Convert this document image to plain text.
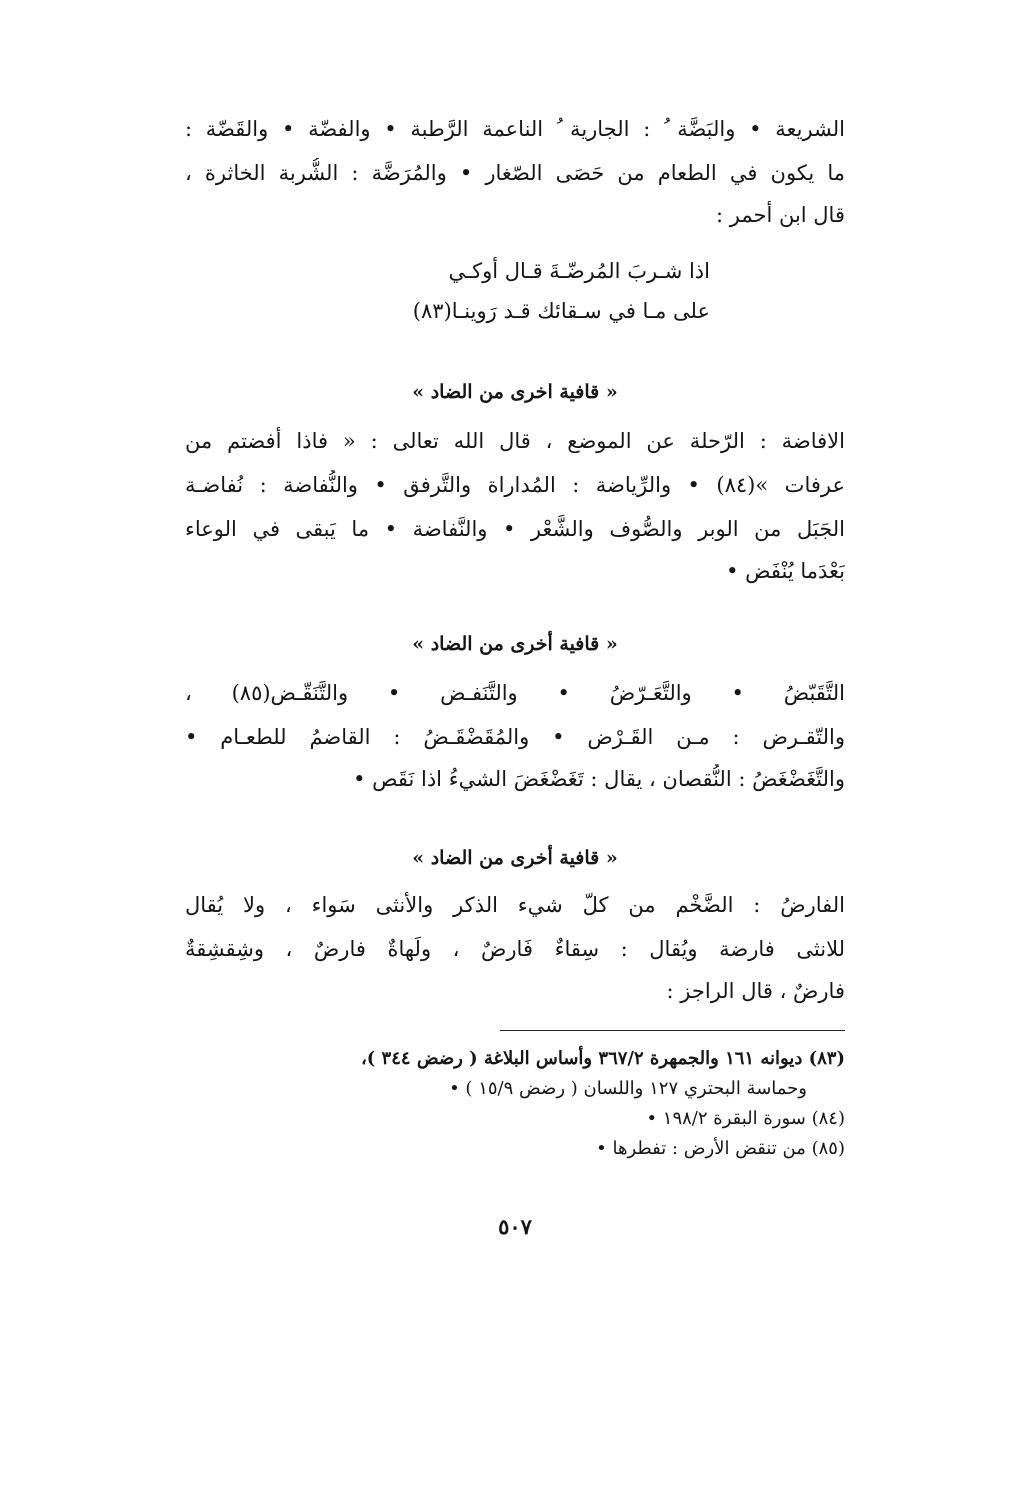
الشريعة • والبَضَّة ُ : الجارية ُ الناعمة الرَّطبة • والفضّة • والقَضّة :
ما يكون في الطعام من حَصَى الصّغار • والمُرَضَّة : الشُّربة الخاثرة ،
قال ابن أحمر :
اذا شـربَ المُرضّـةَ قـال أوكـي
على مـا في سـقائك قـد رَوينـا(٨٣)
« قافية اخرى من الضاد »
الافاضة : الرّحلة عن الموضع ، قال الله تعالى : « فاذا أفضتم من
عرفات »(٨٤) • والرِّياضة : المُداراة والتَّرفق • والنُّفاضة : نُفاضـة
الجَبَل من الوبر والصُّوف والشَّعْر • والنَّفاضة • ما يَبقى في الوعاء
بَعْدَما يُنْفَض •
« قافية أخرى من الضاد »
التَّقَبّضُ • والتَّعَـرّضُ • والتَّنَفـض • والتَّنَقّـض(٨٥) ،
والتّقـرض : مـن القَـرْض • والمُقَضْقَـضُ : القاضمُ للطعـام •
والتَّغَضْغَضُ : النُّقصان ، يقال : تَغَضْغَضَ الشيءُ اذا نَقَص •
« قافية أخرى من الضاد »
الفارضُ : الضَّخْم من كلّ شيء الذكر والأنثى سَواء ، ولا يُقال
للانثى فارضة ويُقال : سِقاءٌ فَارضٌ ، ولَهاةٌ فارضٌ ، وشِقشِقةٌ
فارضٌ ، قال الراجز :
(٨٣) ديوانه ١٦١ والجمهرة ٣٦٧/٢ وأساس البلاغة ( رضض ٣٤٤ )،
وحماسة البحتري ١٢٧ واللسان ( رضض ١٥/٩ ) •
(٨٤) سورة البقرة ١٩٨/٢ •
(٨٥) من تنقض الأرض : تفطرها •
٥٠٧
